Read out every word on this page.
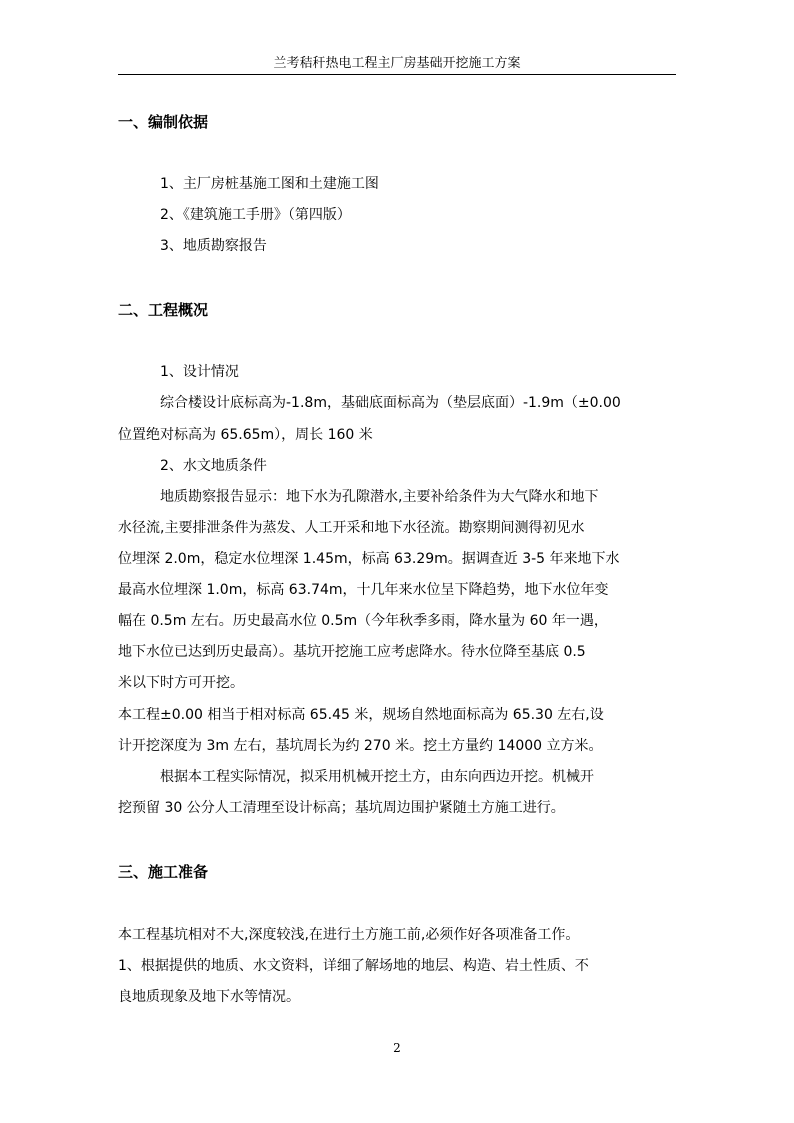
兰考秸秆热电工程主厂房基础开挖施工方案
一、编制依据
1、主厂房桩基施工图和土建施工图
2、《建筑施工手册》（第四版）
3、地质勘察报告
二、工程概况
1、设计情况
综合楼设计底标高为-1.8m，基础底面标高为（垫层底面）-1.9m（±0.00
位置绝对标高为 65.65m），周长 160 米
2、水文地质条件
地质勘察报告显示：地下水为孔隙潜水,主要补给条件为大气降水和地下
水径流,主要排泄条件为蒸发、人工开采和地下水径流。勘察期间测得初见水
位埋深 2.0m，稳定水位埋深 1.45m，标高 63.29m。据调查近 3-5 年来地下水
最高水位埋深 1.0m，标高 63.74m，十几年来水位呈下降趋势，地下水位年变
幅在 0.5m 左右。历史最高水位 0.5m（今年秋季多雨，降水量为 60 年一遇，
地下水位已达到历史最高）。基坑开挖施工应考虑降水。待水位降至基底 0.5
米以下时方可开挖。
本工程±0.00 相当于相对标高 65.45 米，规场自然地面标高为 65.30 左右,设
计开挖深度为 3m 左右，基坑周长为约 270 米。挖土方量约 14000 立方米。
根据本工程实际情况，拟采用机械开挖土方，由东向西边开挖。机械开
挖预留 30 公分人工清理至设计标高；基坑周边围护紧随土方施工进行。
三、施工准备
本工程基坑相对不大,深度较浅,在进行土方施工前,必须作好各项准备工作。
1、根据提供的地质、水文资料，详细了解场地的地层、构造、岩土性质、不
良地质现象及地下水等情况。
2
